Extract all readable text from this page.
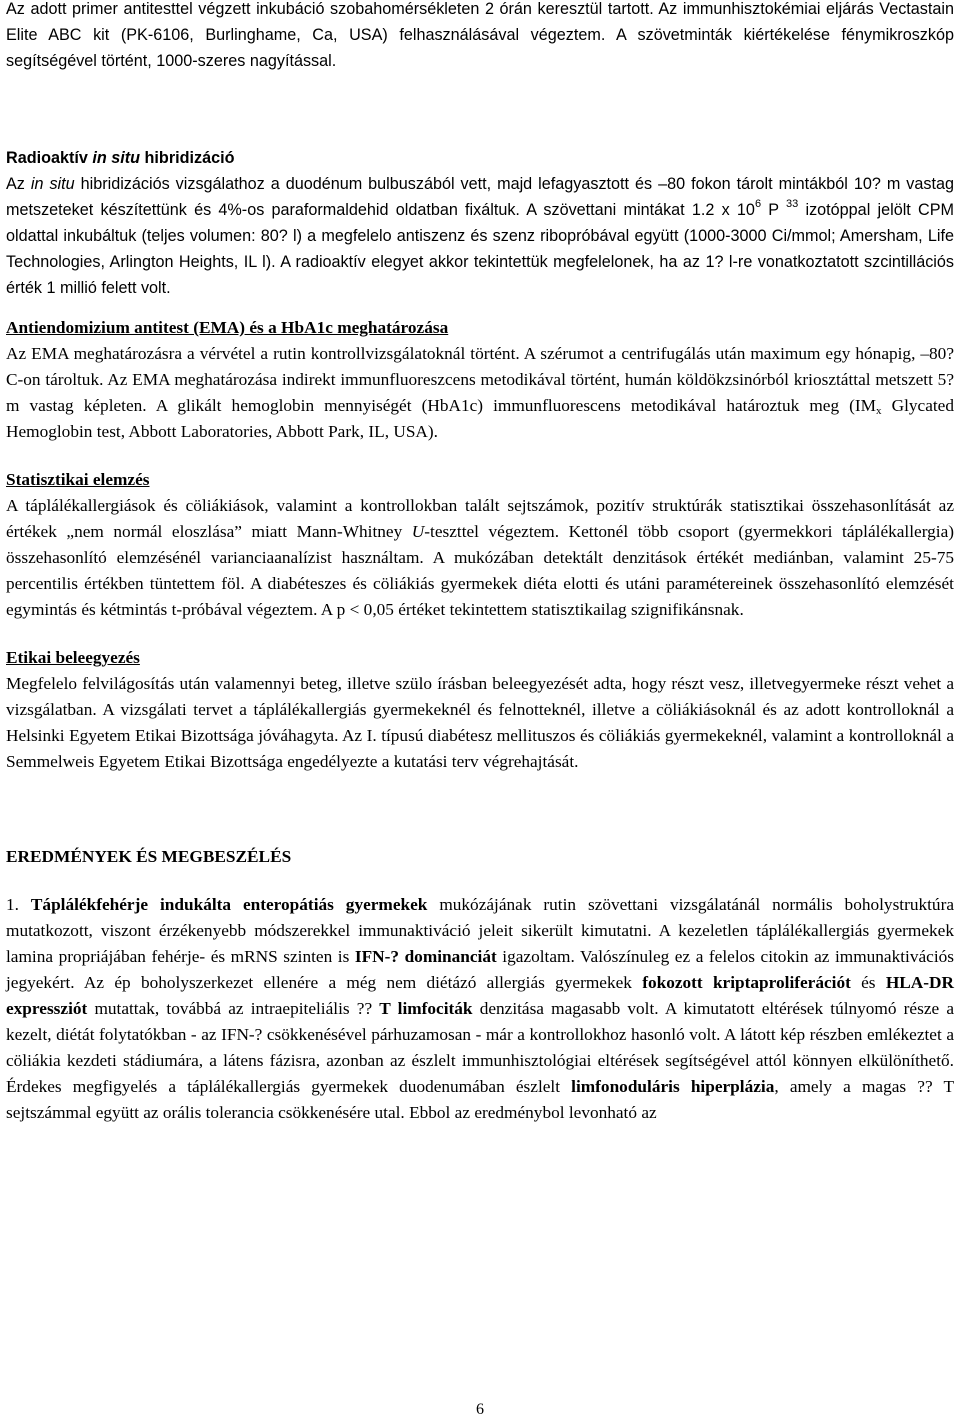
Az adott primer antitesttel végzett inkubáció szobahomérsékleten 2 órán keresztül tartott. Az immunhisztokémiai eljárás Vectastain Elite ABC kit (PK-6106, Burlinghame, Ca, USA) felhasználásával végeztem. A szövetminták kiértékelése fénymikroszkóp segítségével történt, 1000-szeres nagyítással.

Radioaktív in situ hibridizáció

Az in situ hibridizációs vizsgálathoz a duodénum bulbuszából vett, majd lefagyasztott és –80 fokon tárolt mintákból 10? m vastag metszeteket készítettünk és 4%-os paraformaldehid oldatban fixáltuk. A szövettani mintákat 1.2 x $10^6$ P $^{33}$ izotóppal jelölt CPM oldattal inkubáltuk (teljes volumen: 80? l) a megfelelo antiszenz és szenz ribopróbával együtt (1000-3000 Ci/mmol; Amersham, Life Technologies, Arlington Heights, IL l). A radioaktív elegyet akkor tekintettük megfelelonek, ha az 1? l-re vonatkoztatott szcintillációs érték 1 millió felett volt.

Antiendomizium antitest (EMA) és a HbA1c meghatározása

Az EMA meghatározásra a vérvétel a rutin kontrollvizsgálatoknál történt. A szérumot a centrifugálás után maximum egy hónapig, –80?C-on tároltuk. Az EMA meghatározása indirekt immunfluoreszcens metodikával történt, humán köldökzsinórból kriosztáttal metszett 5? m vastag képleten. A glikált hemoglobin mennyiségét (HbA1c) immunfluorescens metodikával határoztuk meg ($IM_x$ Glycated Hemoglobin test, Abbott Laboratories, Abbott Park, IL, USA).

Statisztikai elemzés

A táplálékallergiások és cöliákiások, valamint a kontrollokban talált sejtszámok, pozitív struktúrák statisztikai összehasonlítását az értékek „nem normál eloszlása” miatt Mann-Whitney U-teszttel végeztem. Kettonél több csoport (gyermekkori táplálékallergia) összehasonlító elemzésénél varianciaanalízist használtam. A mukózában detektált denzitások értékét mediánban, valamint 25-75 percentilis értékben tüntettem föl. A diabéteszes és cöliákiás gyermekek diéta elotti és utáni paramétereinek összehasonlító elemzését egymintás és kétmintás t-próbával végeztem. A p < 0,05 értéket tekintettem statisztikailag szignifikánsnak.

Etikai beleegyezés

Megfelelo felvilágosítás után valamennyi beteg, illetve szülo írásban beleegyezését adta, hogy részt vesz, illetvegyermeke részt vehet a vizsgálatban. A vizsgálati tervet a táplálékallergiás gyermekeknél és felnotteknél, illetve a cöliákiásoknál és az adott kontrolloknál a Helsinki Egyetem Etikai Bizottsága jóváhagyta. Az I. típusú diabétesz mellituszos és cöliákiás gyermekeknél, valamint a kontrolloknál a Semmelweis Egyetem Etikai Bizottsága engedélyezte a kutatási terv végrehajtását.

EREDMÉNYEK ÉS MEGBESZÉLÉS

1. Táplálékfehérje indukálta enteropátiás gyermekek mukózájának rutin szövettani vizsgálatánál normális boholystruktúra mutatkozott, viszont érzékenyebb módszerekkel immunaktiváció jeleit sikerült kimutatni. A kezeletlen táplálékallergiás gyermekek lamina propriájában fehérje- és mRNS szinten is IFN-? dominanciát igazoltam. Valószínuleg ez a felelos citokin az immunaktivációs jegyekért. Az ép boholyszerkezet ellenére a még nem diétázó allergiás gyermekek fokozott kriptaproliferációt és HLA-DR expressziót mutattak, továbbá az intraepiteliális ?? T limfociták denzitása magasabb volt. A kimutatott eltérések túlnyomó része a kezelt, diétát folytatókban - az IFN-? csökkenésével párhuzamosan - már a kontrollokhoz hasonló volt. A látott kép részben emlékeztet a cöliákia kezdeti stádiumára, a látens fázisra, azonban az észlelt immunhisztológiai eltérések segítségével attól könnyen elkülöníthető. Érdekes megfigyelés a táplálékallergiás gyermekek duodenumában észlelt limfonoduláris hiperplázia, amely a magas ?? T sejtszámmal együtt az orális tolerancia csökkenésére utal. Ebbol az eredménybol levonható az

6
